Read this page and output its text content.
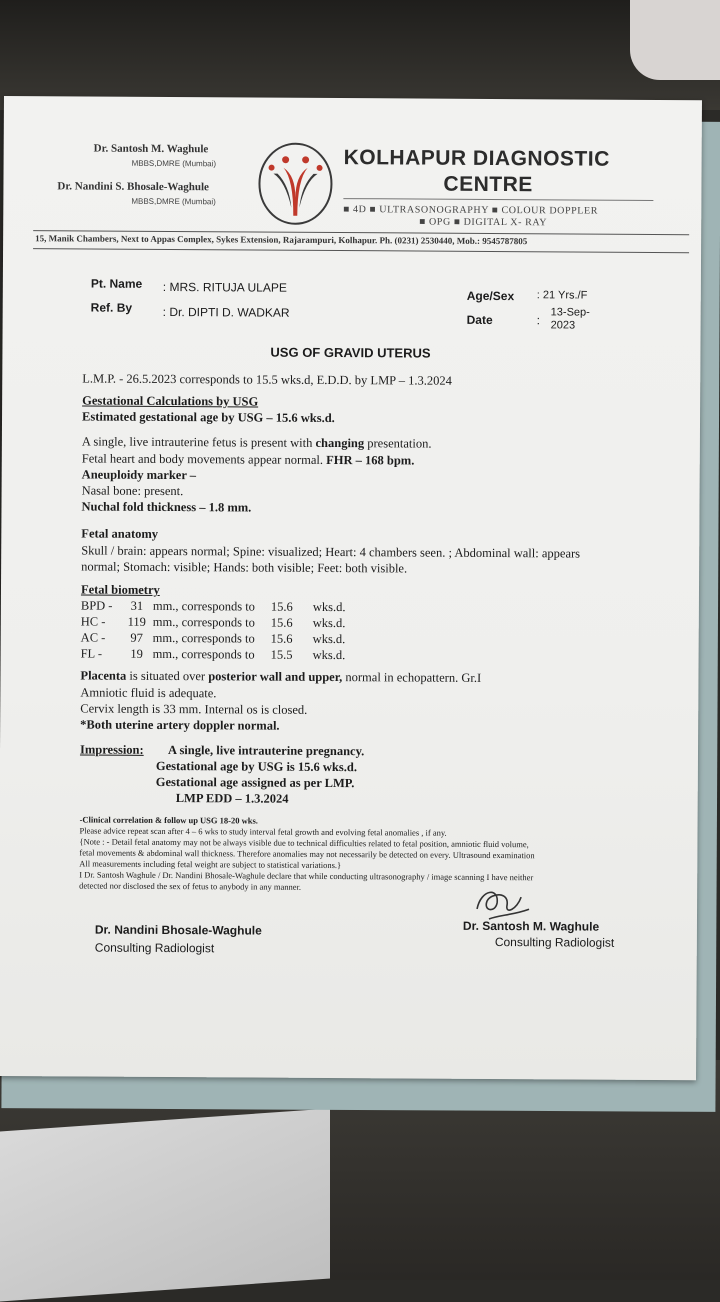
Dr. Santosh M. Waghule
MBBS,DMRE (Mumbai)
Dr. Nandini S. Bhosale-Waghule
MBBS,DMRE (Mumbai)
KOLHAPUR DIAGNOSTIC
CENTRE
■ 4D ■ ULTRASONOGRAPHY ■ COLOUR DOPPLER
■ OPG ■ DIGITAL X- RAY
15, Manik Chambers, Next to Appas Complex, Sykes Extension, Rajarampuri, Kolhapur. Ph. (0231) 2530440, Mob.: 9545787805
Pt. Name : MRS. RITUJA ULAPE
Ref. By	: Dr. DIPTI D. WADKAR
Age/Sex : 21 Yrs./F
Date	:
13-Sep-
2023
USG OF GRAVID UTERUS
L.M.P. - 26.5.2023 corresponds to 15.5 wks.d, E.D.D. by LMP – 1.3.2024
Gestational Calculations by USG
Estimated gestational age by USG – 15.6 wks.d.
A single, live intrauterine fetus is present with changing presentation.
Fetal heart and body movements appear normal. FHR – 168 bpm.
Aneuploidy marker –
Nasal bone: present.
Nuchal fold thickness – 1.8 mm.
Fetal anatomy
Skull / brain: appears normal; Spine: visualized; Heart: 4 chambers seen. ; Abdominal wall: appears
normal; Stomach: visible; Hands: both visible; Feet: both visible.
Fetal biometry
BPD - 31 mm., corresponds to 15.6 wks.d.
HC - 119 mm., corresponds to 15.6 wks.d.
AC - 97 mm., corresponds to 15.6 wks.d.
FL - 19 mm., corresponds to 15.5 wks.d.
Placenta is situated over posterior wall and upper, normal in echopattern. Gr.I
Amniotic fluid is adequate.
Cervix length is 33 mm. Internal os is closed.
*Both uterine artery doppler normal.
Impression: A single, live intrauterine pregnancy.
Gestational age by USG is 15.6 wks.d.
Gestational age assigned as per LMP.
LMP EDD – 1.3.2024
-Clinical correlation & follow up USG 18-20 wks.
Please advice repeat scan after 4 – 6 wks to study interval fetal growth and evolving fetal anomalies , if any.
{Note : - Detail fetal anatomy may not be always visible due to technical difficulties related to fetal position, amniotic fluid volume,
fetal movements & abdominal wall thickness. Therefore anomalies may not necessarily be detected on every. Ultrasound examination
All measurements including fetal weight are subject to statistical variations.}
I Dr. Santosh Waghule / Dr. Nandini Bhosale-Waghule declare that while conducting ultrasonography / image scanning I have neither
detected nor disclosed the sex of fetus to anybody in any manner.
Dr. Nandini Bhosale-Waghule
Consulting Radiologist
Dr. Santosh M. Waghule
Consulting Radiologist
